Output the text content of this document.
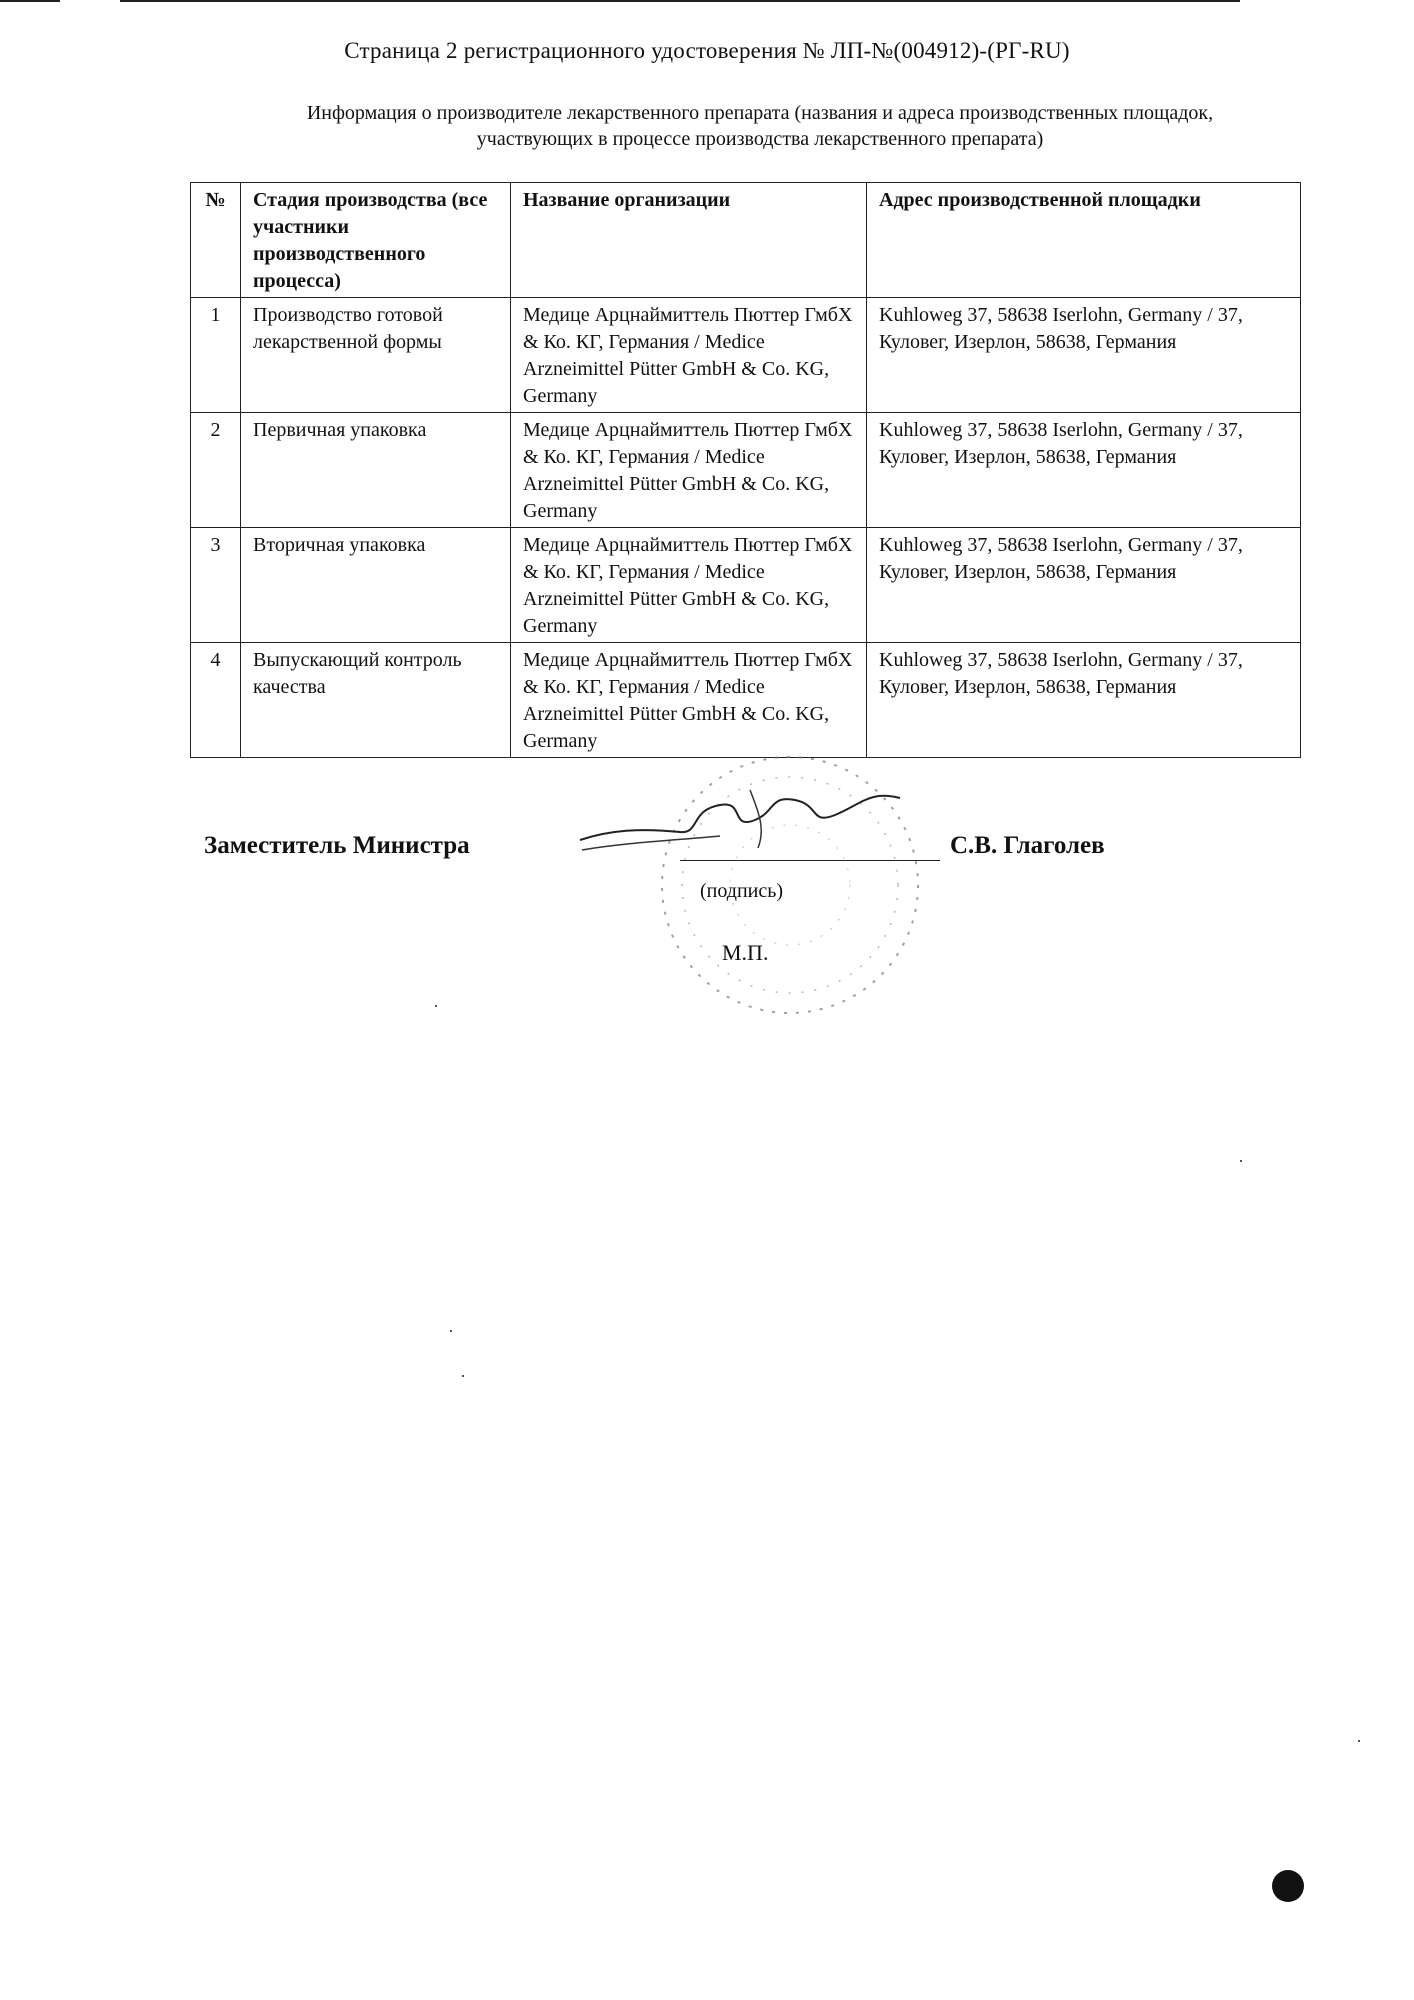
Страница 2 регистрационного удостоверения № ЛП-№(004912)-(РГ-RU)
Информация о производителе лекарственного препарата (названия и адреса производственных площадок,
участвующих в процессе производства лекарственного препарата)
№	Стадия производства (все участники производственного процесса)	Название организации	Адрес производственной площадки
1	Производство готовой лекарственной формы	Медице Арцнаймиттель Пюттер ГмбХ & Ко. КГ, Германия / Medice Arzneimittel Pütter GmbH & Co. KG, Germany	Kuhloweg 37, 58638 Iserlohn, Germany / 37, Куловег, Изерлон, 58638, Германия
2	Первичная упаковка	Медице Арцнаймиттель Пюттер ГмбХ & Ко. КГ, Германия / Medice Arzneimittel Pütter GmbH & Co. KG, Germany	Kuhloweg 37, 58638 Iserlohn, Germany / 37, Куловег, Изерлон, 58638, Германия
3	Вторичная упаковка	Медице Арцнаймиттель Пюттер ГмбХ & Ко. КГ, Германия / Medice Arzneimittel Pütter GmbH & Co. KG, Germany	Kuhloweg 37, 58638 Iserlohn, Germany / 37, Куловег, Изерлон, 58638, Германия
4	Выпускающий контроль качества	Медице Арцнаймиттель Пюттер ГмбХ & Ко. КГ, Германия / Medice Arzneimittel Pütter GmbH & Co. KG, Germany	Kuhloweg 37, 58638 Iserlohn, Germany / 37, Куловег, Изерлон, 58638, Германия
Заместитель Министра
(подпись)
С.В. Глаголев
М.П.
